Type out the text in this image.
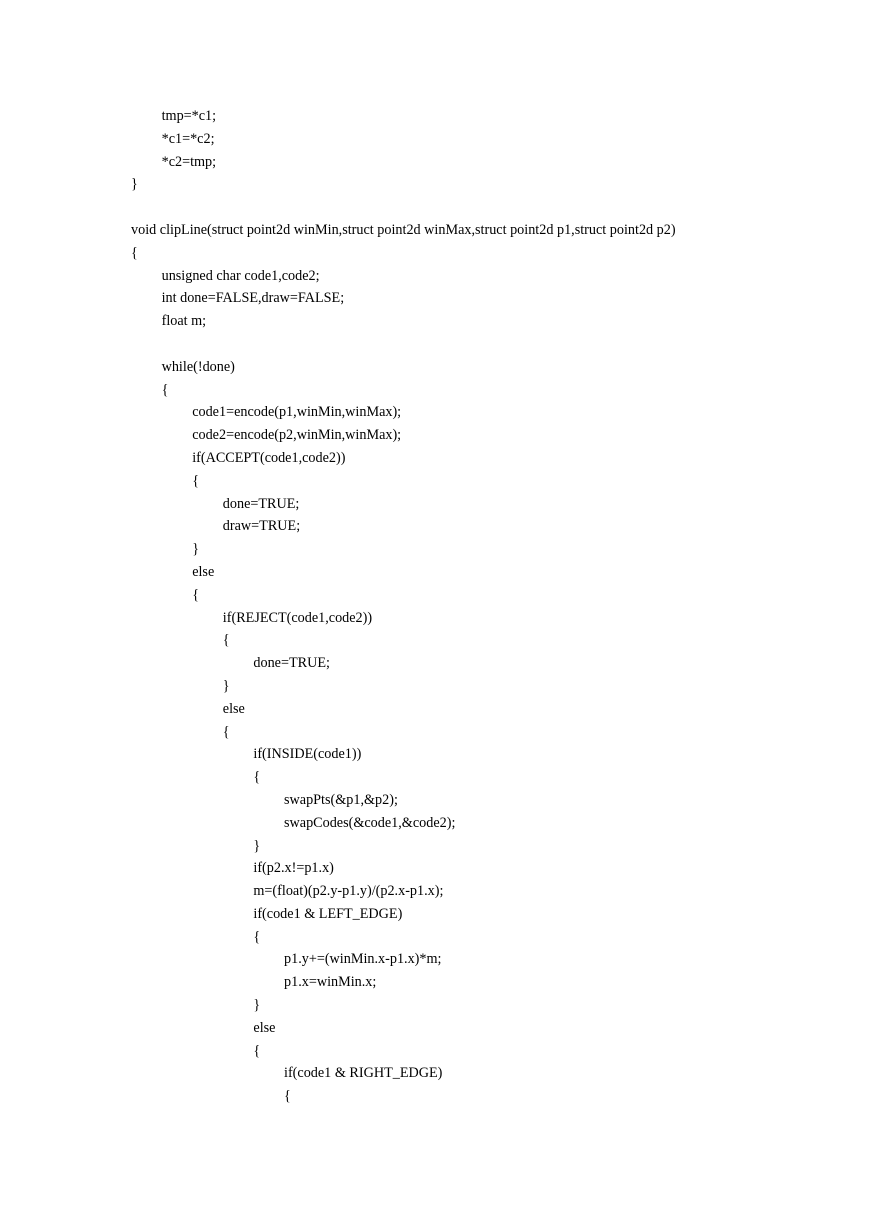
tmp=*c1;
*c1=*c2;
*c2=tmp;
}
void clipLine(struct point2d winMin,struct point2d winMax,struct point2d p1,struct point2d p2)
{
unsigned char code1,code2;
int done=FALSE,draw=FALSE;
float m;
while(!done)
{
code1=encode(p1,winMin,winMax);
code2=encode(p2,winMin,winMax);
if(ACCEPT(code1,code2))
{
done=TRUE;
draw=TRUE;
}
else
{
if(REJECT(code1,code2))
{
done=TRUE;
}
else
{
if(INSIDE(code1))
{
swapPts(&p1,&p2);
swapCodes(&code1,&code2);
}
if(p2.x!=p1.x)
m=(float)(p2.y-p1.y)/(p2.x-p1.x);
if(code1 & LEFT_EDGE)
{
p1.y+=(winMin.x-p1.x)*m;
p1.x=winMin.x;
}
else
{
if(code1 & RIGHT_EDGE)
{
